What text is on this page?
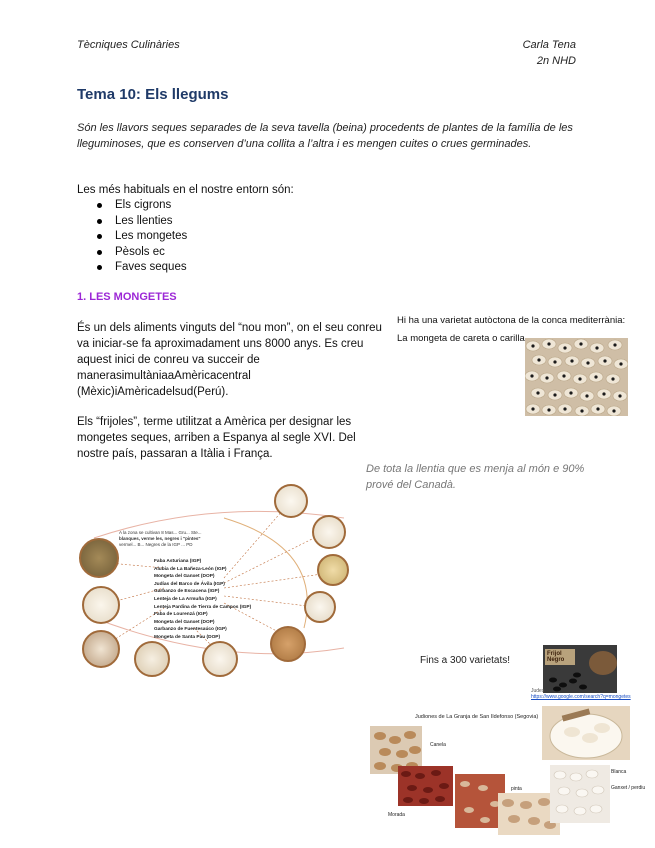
Tècniques Culinàries	Carla Tena
2n NHD
Tema 10: Els llegums
Són les llavors seques separades de la seva tavella (beina) procedents de plantes de la família de les lleguminoses, que es conserven d’una collita a l’altra i es mengen cuites o crues germinades.
Les més habituals en el nostre entorn són:
Els cigrons
Les llenties
Les mongetes
Pèsols ec
Faves seques
1. LES MONGETES
És un dels aliments vinguts del “nou mon”, on el seu conreu va iniciar-se fa aproximadament uns 8000 anys. Es creu aquest inici de conreu va succeir de manerasimultàniaaAmèricacentral (Mèxic)iAmèricadelsud(Perú).
Els “frijoles”, terme utilitzat a Amèrica per designar les mongetes seques, arriben a Espanya al segle XVI. Del nostre país, passaran a Itàlia i França.
Hi ha una varietat autòctona de la conca mediterrània:
La mongeta de careta o carilla
De tota la llentia que es menja al món e 90% prové del Canadà.
A la zona se cultivan 8 Mas... Gru... Ste...
blanques, verme les, negres i "pintes"
vermel... B... Negres de la IGP ... PD
Faba Asturiana (IGP)
Alubia de La Bañeza-León (IGP)
Mongeta del Ganxet (DOP)
Judías del Barco de Ávila (IGP)
Garbanzo de Escacena (IGP)
Lenteja de La Armuña (IGP)
Lenteja Pardina de Tierra de Campos (IGP)
Faba de Lourenzá (IGP)
Mongeta del Ganxet (DOP)
Garbanzo de Fuentesaúco (IGP)
Mongeta de Santa Pau (DOP)
Fins a 300 varietats!
Frijol Negro
Judes
https://www.google.com/search?q=mongetes
Judiones de La Granja de San Ildefonso (Segovia)
Canela
pinta
Blanca
Ganxet / perdiu
Morada
